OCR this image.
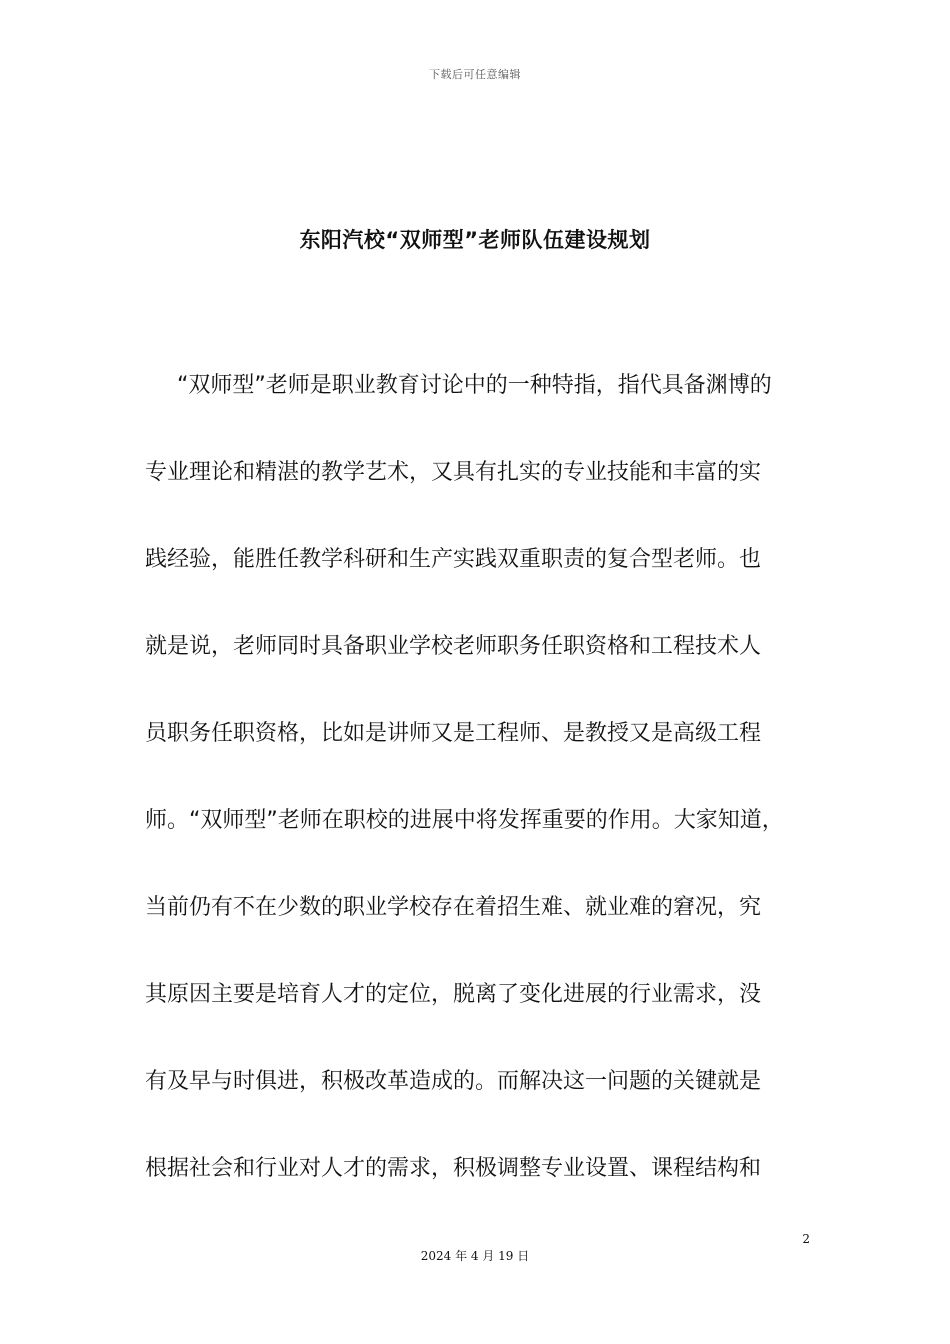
下载后可任意编辑
东阳汽校“双师型”老师队伍建设规划
“双师型”老师是职业教育讨论中的一种特指，指代具备渊博的
专业理论和精湛的教学艺术，又具有扎实的专业技能和丰富的实
践经验，能胜任教学科研和生产实践双重职责的复合型老师。也
就是说，老师同时具备职业学校老师职务任职资格和工程技术人
员职务任职资格，比如是讲师又是工程师、是教授又是高级工程
师。“双师型”老师在职校的进展中将发挥重要的作用。大家知道，
当前仍有不在少数的职业学校存在着招生难、就业难的窘况，究
其原因主要是培育人才的定位，脱离了变化进展的行业需求，没
有及早与时俱进，积极改革造成的。而解决这一问题的关键就是
根据社会和行业对人才的需求，积极调整专业设置、课程结构和
2
2024 年 4 月 19 日
